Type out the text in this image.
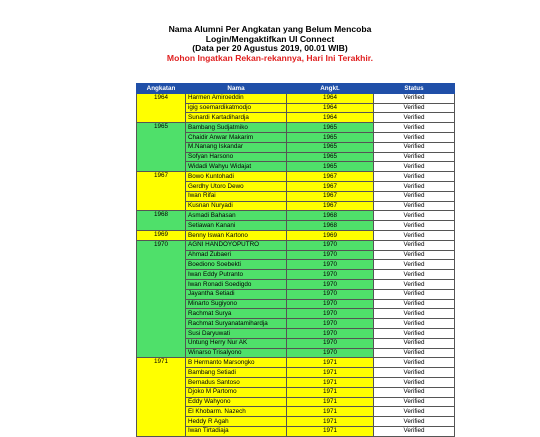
Nama Alumni Per Angkatan yang Belum Mencoba
Login/Mengaktifkan UI Connect
(Data per 20 Agustus 2019, 00.01 WIB)
Mohon Ingatkan Rekan-rekannya, Hari Ini Terakhir.
Angkatan	Nama	Angkt.	Status
1964	Harmen Amiroeddin	1964	Verified
	igig soemardikatmodjo	1964	Verified
	Sunardi Kartadihardja	1964	Verified
1965	Bambang Sudjatmiko	1965	Verified
	Chaidir Anwar Makarim	1965	Verified
	M.Nanang Iskandar	1965	Verified
	Sofyan Harsono	1965	Verified
	Widadi Wahyu Widajat	1965	Verified
1967	Bowo Kuntohadi	1967	Verified
	Gerdhy Utoro Dewo	1967	Verified
	Iwan Rifai	1967	Verified
	Kusnan Nuryadi	1967	Verified
1968	Asmadi Bahasan	1968	Verified
	Setiawan Kanani	1968	Verified
1969	Benny Iswan Kartono	1969	Verified
1970	AGNI HANDOYOPUTRO	1970	Verified
	Ahmad Zubaeri	1970	Verified
	Boediono Soebekti	1970	Verified
	Iwan Eddy Putranto	1970	Verified
	Iwan Ronadi Soedigdo	1970	Verified
	Jayantha Setiadi	1970	Verified
	Minarto Sugiyono	1970	Verified
	Rachmat Surya	1970	Verified
	Rachmat Suryanatamihardja	1970	Verified
	Susi Daryuwati	1970	Verified
	Untung Herry Nur AK	1970	Verified
	Winarso Trisalyono	1970	Verified
1971	B Hermanto Marsongko	1971	Verified
	Bambang Setiadi	1971	Verified
	Bernadus Santoso	1971	Verified
	Djoko M Partomo	1971	Verified
	Eddy Wahyono	1971	Verified
	El Khobarm. Nazech	1971	Verified
	Heddy R Agah	1971	Verified
	Iwan Tirtadiaja	1971	Verified
